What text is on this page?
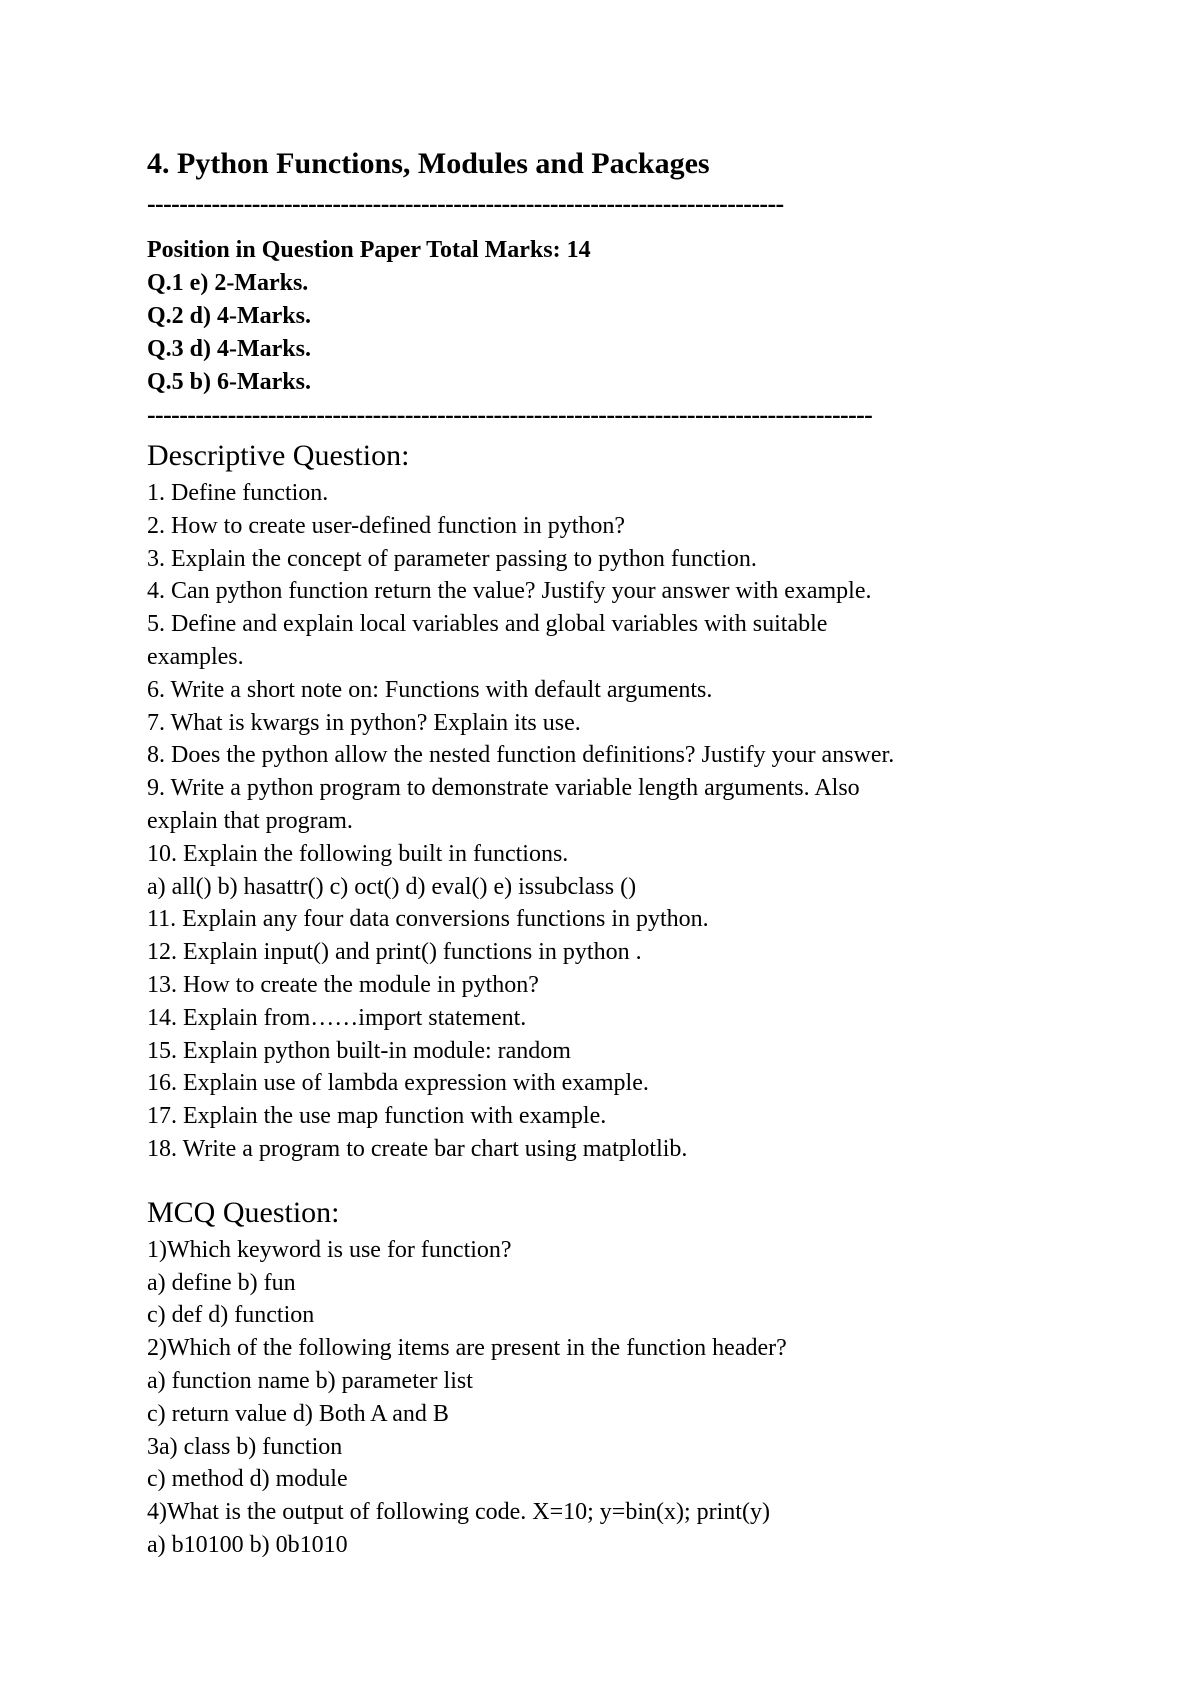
4. Python Functions, Modules and Packages
-------------------------------------------------------------------------------
Position in Question Paper Total Marks: 14
Q.1 e) 2-Marks.
Q.2 d) 4-Marks.
Q.3 d) 4-Marks.
Q.5 b) 6-Marks.
------------------------------------------------------------------------------------------
Descriptive Question:
1. Define function.
2. How to create user-defined function in python?
3. Explain the concept of parameter passing to python function.
4. Can python function return the value? Justify your answer with example.
5. Define and explain local variables and global variables with suitable
examples.
6. Write a short note on: Functions with default arguments.
7. What is kwargs in python? Explain its use.
8. Does the python allow the nested function definitions? Justify your answer.
9. Write a python program to demonstrate variable length arguments. Also
explain that program.
10. Explain the following built in functions.
a) all() b) hasattr() c) oct() d) eval() e) issubclass ()
11. Explain any four data conversions functions in python.
12. Explain input() and print() functions in python .
13. How to create the module in python?
14. Explain from……import statement.
15. Explain python built-in module: random
16. Explain use of lambda expression with example.
17. Explain the use map function with example.
18. Write a program to create bar chart using matplotlib.
MCQ Question:
1)Which keyword is use for function?
a) define b) fun
c) def d) function
2)Which of the following items are present in the function header?
a) function name b) parameter list
c) return value d) Both A and B
3a) class b) function
c) method d) module
4)What is the output of following code. X=10; y=bin(x); print(y)
a) b10100 b) 0b1010
